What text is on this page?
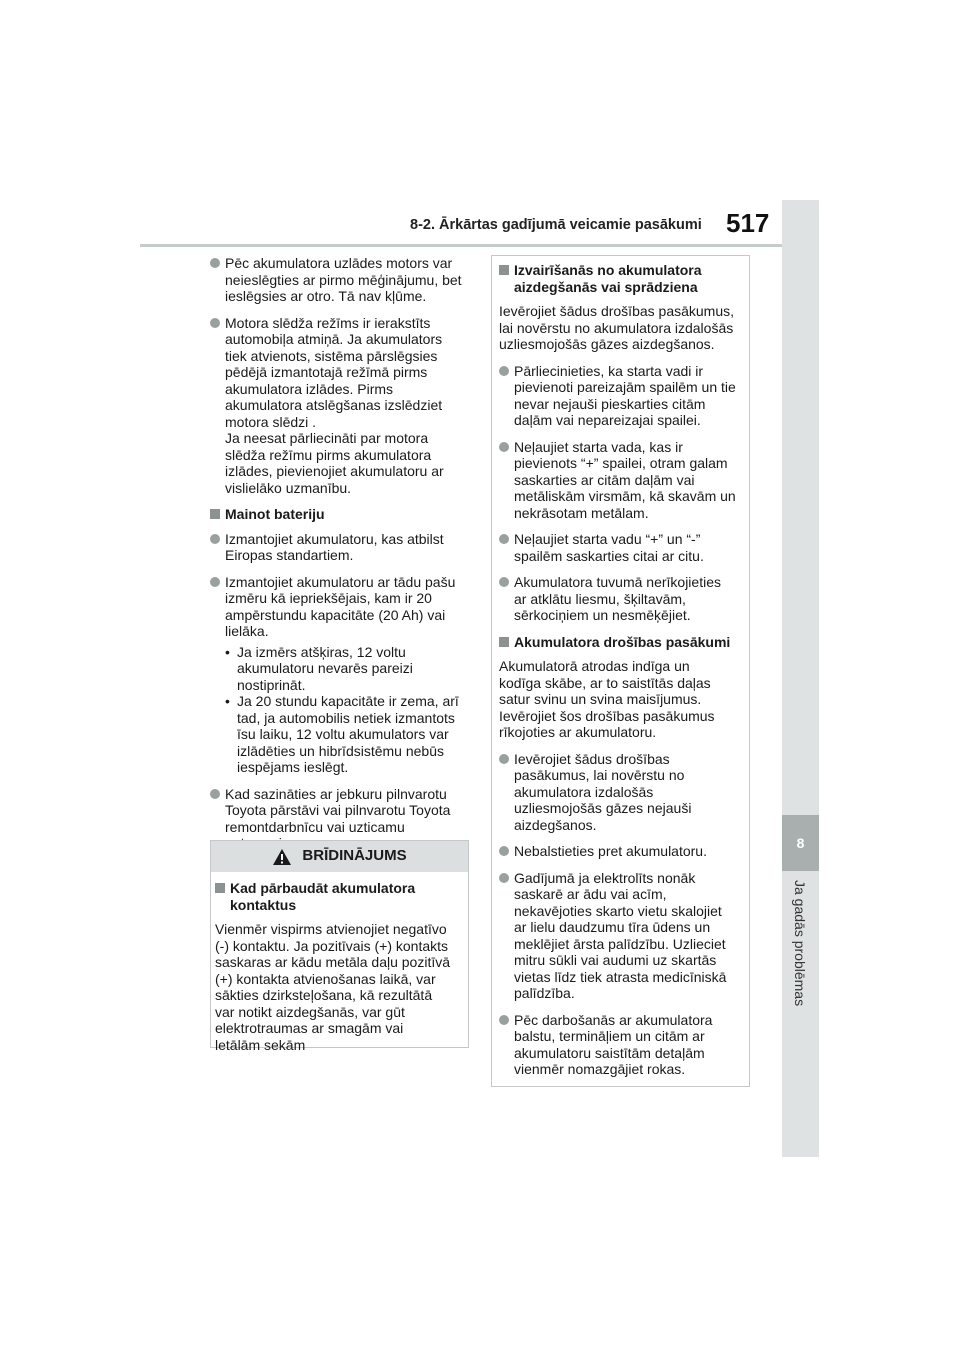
8
Ja gadās problēmas
8-2. Ārkārtas gadījumā veicamie pasākumi 517
Pēc akumulatora uzlādes motors var
neieslēgties ar pirmo mēģinājumu, bet
ieslēgsies ar otro. Tā nav kļūme.
Motora slēdža režīms ir ierakstīts
automobiļa atmiņā. Ja akumulators
tiek atvienots, sistēma pārslēgsies
pēdējā izmantotajā režīmā pirms
akumulatora izlādes. Pirms
akumulatora atslēgšanas izslēdziet
motora slēdzi .
Ja neesat pārliecināti par motora
slēdža režīmu pirms akumulatora
izlādes, pievienojiet akumulatoru ar
vislielāko uzmanību.
Mainot bateriju
Izmantojiet akumulatoru, kas atbilst
Eiropas standartiem.
Izmantojiet akumulatoru ar tādu pašu
izmēru kā iepriekšējais, kam ir 20
ampērstundu kapacitāte (20 Ah) vai
lielāka.
• Ja izmērs atšķiras, 12 voltu
akumulatoru nevarēs pareizi
nostiprināt.
• Ja 20 stundu kapacitāte ir zema, arī
tad, ja automobilis netiek izmantots
īsu laiku, 12 voltu akumulators var
izlādēties un hibrīdsistēmu nebūs
iespējams ieslēgt.
Kad sazināties ar jebkuru pilnvarotu
Toyota pārstāvi vai pilnvarotu Toyota
remontdarbnīcu vai uzticamu

BRĪDINĀJUMS
Kad pārbaudāt akumulatora
kontaktus
Vienmēr vispirms atvienojiet negatīvo
(-) kontaktu. Ja pozitīvais (+) kontakts
saskaras ar kādu metāla daļu pozitīvā
(+) kontakta atvienošanas laikā, var
sākties dzirksteļošana, kā rezultātā
var notikt aizdegšanās, var gūt
elektrotraumas ar smagām vai
letālām sekām
Izvairīšanās no akumulatora
aizdegšanās vai sprādziena
Ievērojiet šādus drošības pasākumus,
lai novērstu no akumulatora izdalošās
uzliesmojošās gāzes aizdegšanos.
Pārliecinieties, ka starta vadi ir
pievienoti pareizajām spailēm un tie
nevar nejauši pieskarties citām
daļām vai nepareizajai spailei.
Neļaujiet starta vada, kas ir
pievienots “+” spailei, otram galam
saskarties ar citām daļām vai
metāliskām virsmām, kā skavām un
nekrāsotam metālam.
Neļaujiet starta vadu “+” un “-”
spailēm saskarties citai ar citu.
Akumulatora tuvumā nerīkojieties
ar atklātu liesmu, šķiltavām,
sērkociņiem un nesmēķējiet.
Akumulatora drošības pasākumi
Akumulatorā atrodas indīga un
kodīga skābe, ar to saistītās daļas
satur svinu un svina maisījumus.
Ievērojiet šos drošības pasākumus
rīkojoties ar akumulatoru.
Ievērojiet šādus drošības
pasākumus, lai novērstu no
akumulatora izdalošās
uzliesmojošās gāzes nejauši
aizdegšanos.
Nebalstieties pret akumulatoru.
Gadījumā ja elektrolīts nonāk
saskarē ar ādu vai acīm,
nekavējoties skarto vietu skalojiet
ar lielu daudzumu tīra ūdens un
meklējiet ārsta palīdzību. Uzlieciet
mitru sūkli vai audumi uz skartās
vietas līdz tiek atrasta medicīniskā
palīdzība.
Pēc darbošanās ar akumulatora
balstu, termināļiem un citām ar
akumulatoru saistītām detaļām
vienmēr nomazgājiet rokas.
